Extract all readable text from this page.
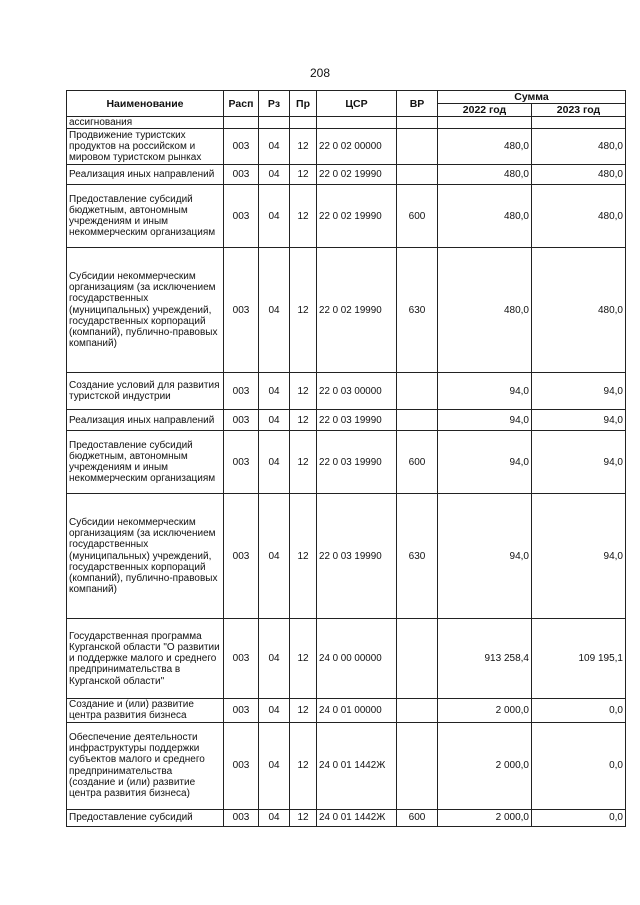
208
Наименование	Расп	Рз	Пр	ЦСР	ВР	Сумма	
						2022 год	2023 год
ассигнования							
Продвижение туристских продуктов на российском и мировом туристском рынках	003	04	12	22 0 02 00000		480,0	480,0
Реализация иных направлений	003	04	12	22 0 02 19990		480,0	480,0
Предоставление субсидий бюджетным, автономным учреждениям и иным некоммерческим организациям	003	04	12	22 0 02 19990	600	480,0	480,0
Субсидии некоммерческим организациям (за исключением государственных (муниципальных) учреждений, государственных корпораций (компаний), публично-правовых компаний)	003	04	12	22 0 02 19990	630	480,0	480,0
Создание условий для развития туристской индустрии	003	04	12	22 0 03 00000		94,0	94,0
Реализация иных направлений	003	04	12	22 0 03 19990		94,0	94,0
Предоставление субсидий бюджетным, автономным учреждениям и иным некоммерческим организациям	003	04	12	22 0 03 19990	600	94,0	94,0
Субсидии некоммерческим организациям (за исключением государственных (муниципальных) учреждений, государственных корпораций (компаний), публично-правовых компаний)	003	04	12	22 0 03 19990	630	94,0	94,0
Государственная программа Курганской области "О развитии и поддержке малого и среднего предпринимательства в Курганской области"	003	04	12	24 0 00 00000		913 258,4	109 195,1
Создание и (или) развитие центра развития бизнеса	003	04	12	24 0 01 00000		2 000,0	0,0
Обеспечение деятельности инфраструктуры поддержки субъектов малого и среднего предпринимательства (создание и (или) развитие центра развития бизнеса)	003	04	12	24 0 01 1442Ж		2 000,0	0,0
Предоставление субсидий	003	04	12	24 0 01 1442Ж	600	2 000,0	0,0
